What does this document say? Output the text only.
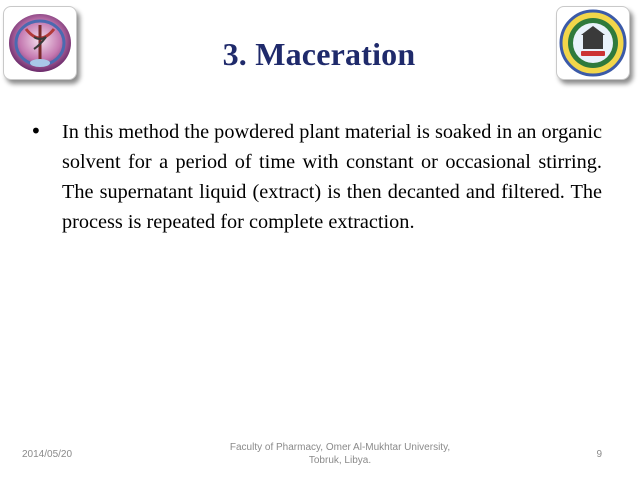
3. Maceration
• In this method the powdered plant material is soaked in an organic solvent for a period of time with constant or occasional stirring. The supernatant liquid (extract) is then decanted and filtered. The process is repeated for complete extraction.
2014/05/20
Faculty of Pharmacy, Omer Al-Mukhtar University,
Tobruk, Libya.
9
